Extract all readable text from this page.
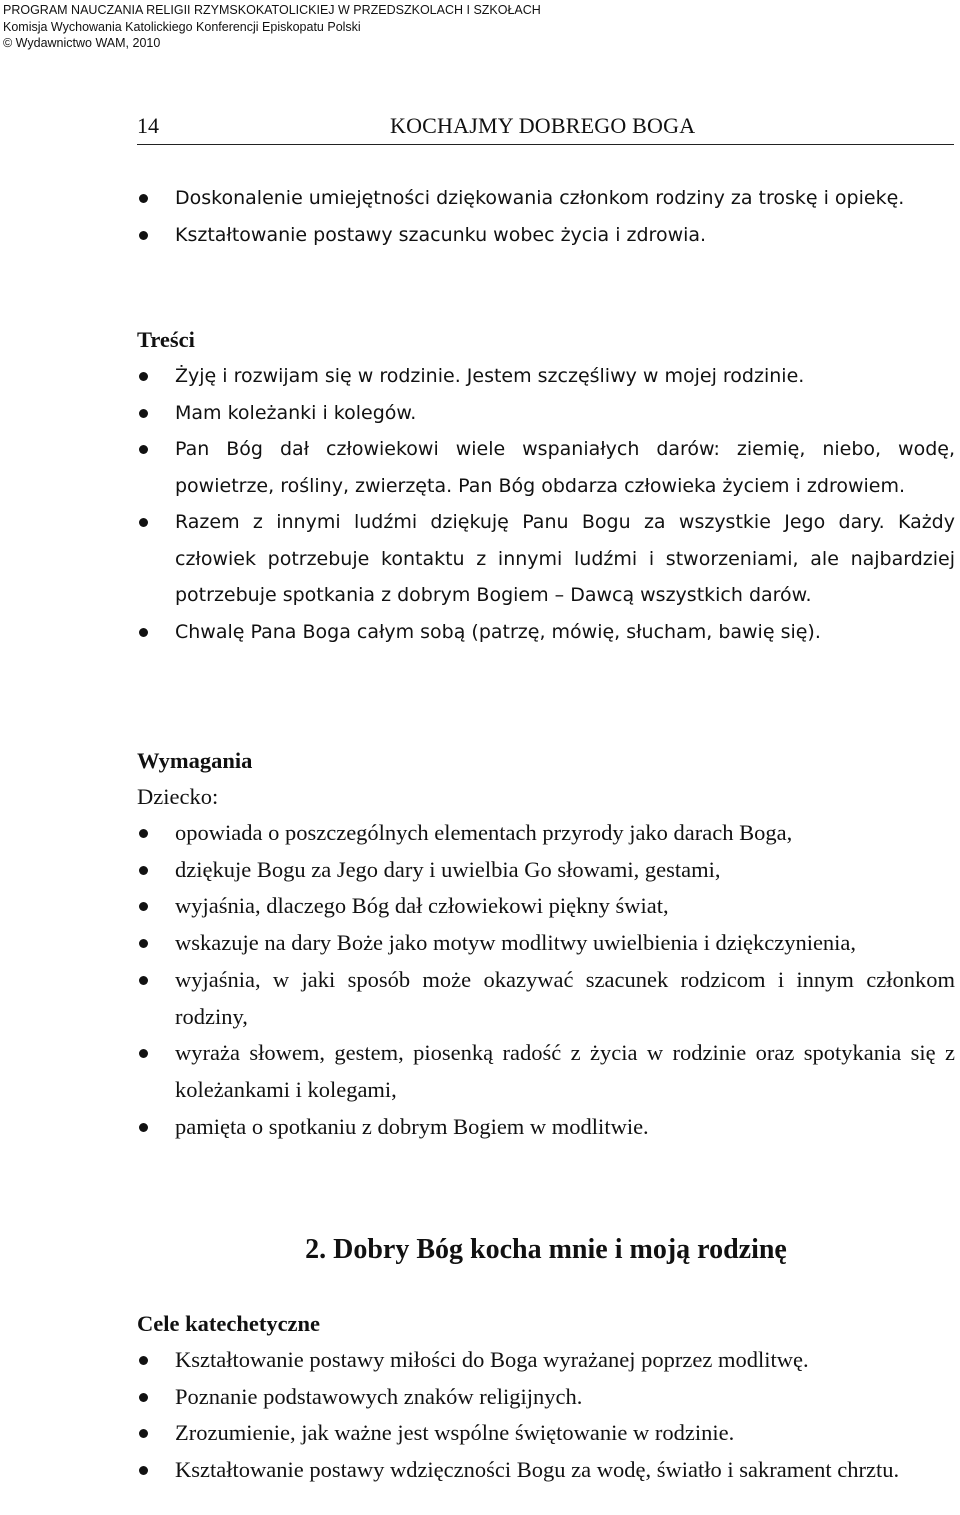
PROGRAM NAUCZANIA RELIGII RZYMSKOKATOLICKIEJ W PRZEDSZKOLACH I SZKOŁACH
Komisja Wychowania Katolickiego Konferencji Episkopatu Polski
© Wydawnictwo WAM, 2010
14	KOCHAJMY DOBREGO BOGA
Doskonalenie umiejętności dziękowania członkom rodziny za troskę i opiekę.
Kształtowanie postawy szacunku wobec życia i zdrowia.
Treści
Żyję i rozwijam się w rodzinie. Jestem szczęśliwy w mojej rodzinie.
Mam koleżanki i kolegów.
Pan Bóg dał człowiekowi wiele wspaniałych darów: ziemię, niebo, wodę, powietrze, rośliny, zwierzęta. Pan Bóg obdarza człowieka życiem i zdrowiem.
Razem z innymi ludźmi dziękuję Panu Bogu za wszystkie Jego dary. Każdy człowiek potrzebuje kontaktu z innymi ludźmi i stworzeniami, ale najbardziej potrzebuje spotkania z dobrym Bogiem – Dawcą wszystkich darów.
Chwalę Pana Boga całym sobą (patrzę, mówię, słucham, bawię się).
Wymagania
Dziecko:
opowiada o poszczególnych elementach przyrody jako darach Boga,
dziękuje Bogu za Jego dary i uwielbia Go słowami, gestami,
wyjaśnia, dlaczego Bóg dał człowiekowi piękny świat,
wskazuje na dary Boże jako motyw modlitwy uwielbienia i dziękczynienia,
wyjaśnia, w jaki sposób może okazywać szacunek rodzicom i innym członkom rodziny,
wyraża słowem, gestem, piosenką radość z życia w rodzinie oraz spotykania się z koleżankami i kolegami,
pamięta o spotkaniu z dobrym Bogiem w modlitwie.
2. Dobry Bóg kocha mnie i moją rodzinę
Cele katechetyczne
Kształtowanie postawy miłości do Boga wyrażanej poprzez modlitwę.
Poznanie podstawowych znaków religijnych.
Zrozumienie, jak ważne jest wspólne świętowanie w rodzinie.
Kształtowanie postawy wdzięczności Bogu za wodę, światło i sakrament chrztu.
